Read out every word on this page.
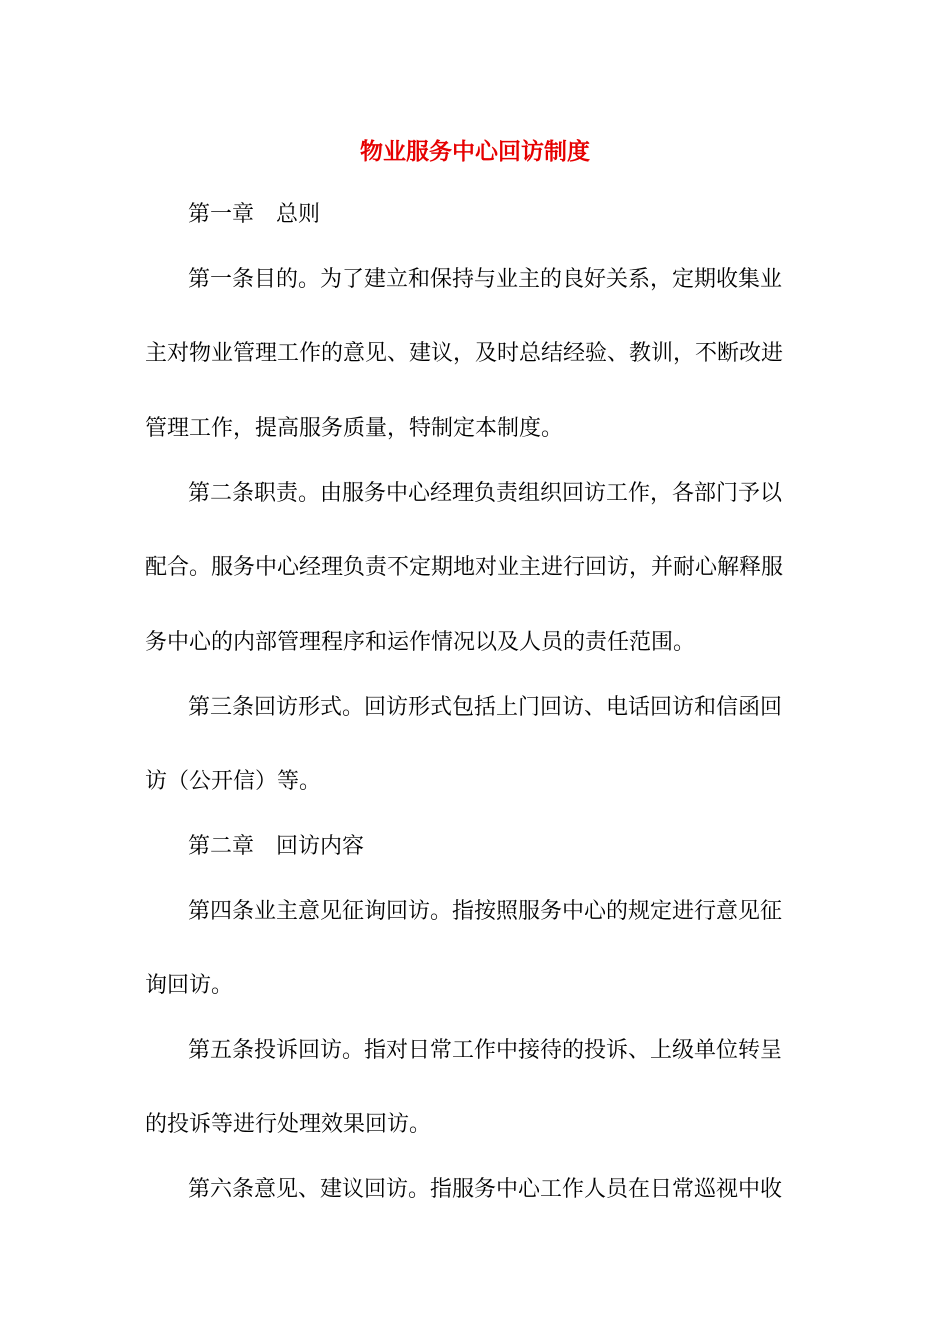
物业服务中心回访制度
第一章 总则
第一条目的。为了建立和保持与业主的良好关系，定期收集业
主对物业管理工作的意见、建议，及时总结经验、教训，不断改进
管理工作，提高服务质量，特制定本制度。
第二条职责。由服务中心经理负责组织回访工作，各部门予以
配合。服务中心经理负责不定期地对业主进行回访，并耐心解释服
务中心的内部管理程序和运作情况以及人员的责任范围。
第三条回访形式。回访形式包括上门回访、电话回访和信函回
访（公开信）等。
第二章 回访内容
第四条业主意见征询回访。指按照服务中心的规定进行意见征
询回访。
第五条投诉回访。指对日常工作中接待的投诉、上级单位转呈
的投诉等进行处理效果回访。
第六条意见、建议回访。指服务中心工作人员在日常巡视中收
